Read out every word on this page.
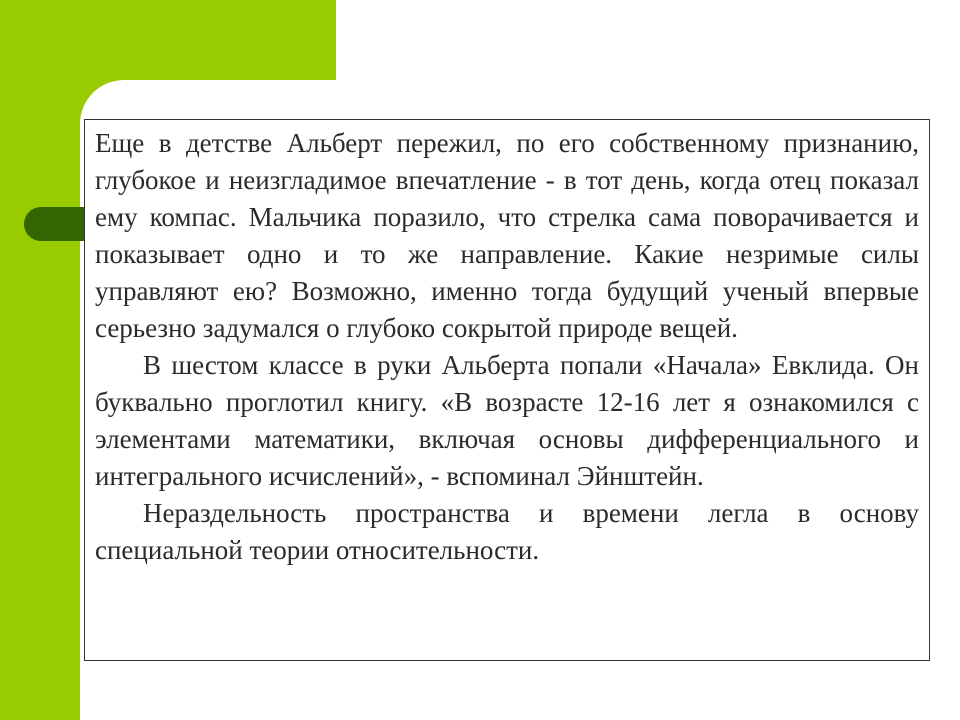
Еще в детстве Альберт пережил, по его собственному признанию, глубокое и неизгладимое впечатление - в тот день, когда отец показал ему компас. Мальчика поразило, что стрелка сама поворачивается и показывает одно и то же направление. Какие незримые силы управляют ею? Возможно, именно тогда будущий ученый впервые серьезно задумался о глубоко сокрытой природе вещей.

В шестом классе в руки Альберта попали «Начала» Евклида. Он буквально проглотил книгу. «В возрасте 12-16 лет я ознакомился с элементами математики, включая основы дифференциального и интегрального исчислений», - вспоминал Эйнштейн.

Нераздельность пространства и времени легла в основу специальной теории относительности.
